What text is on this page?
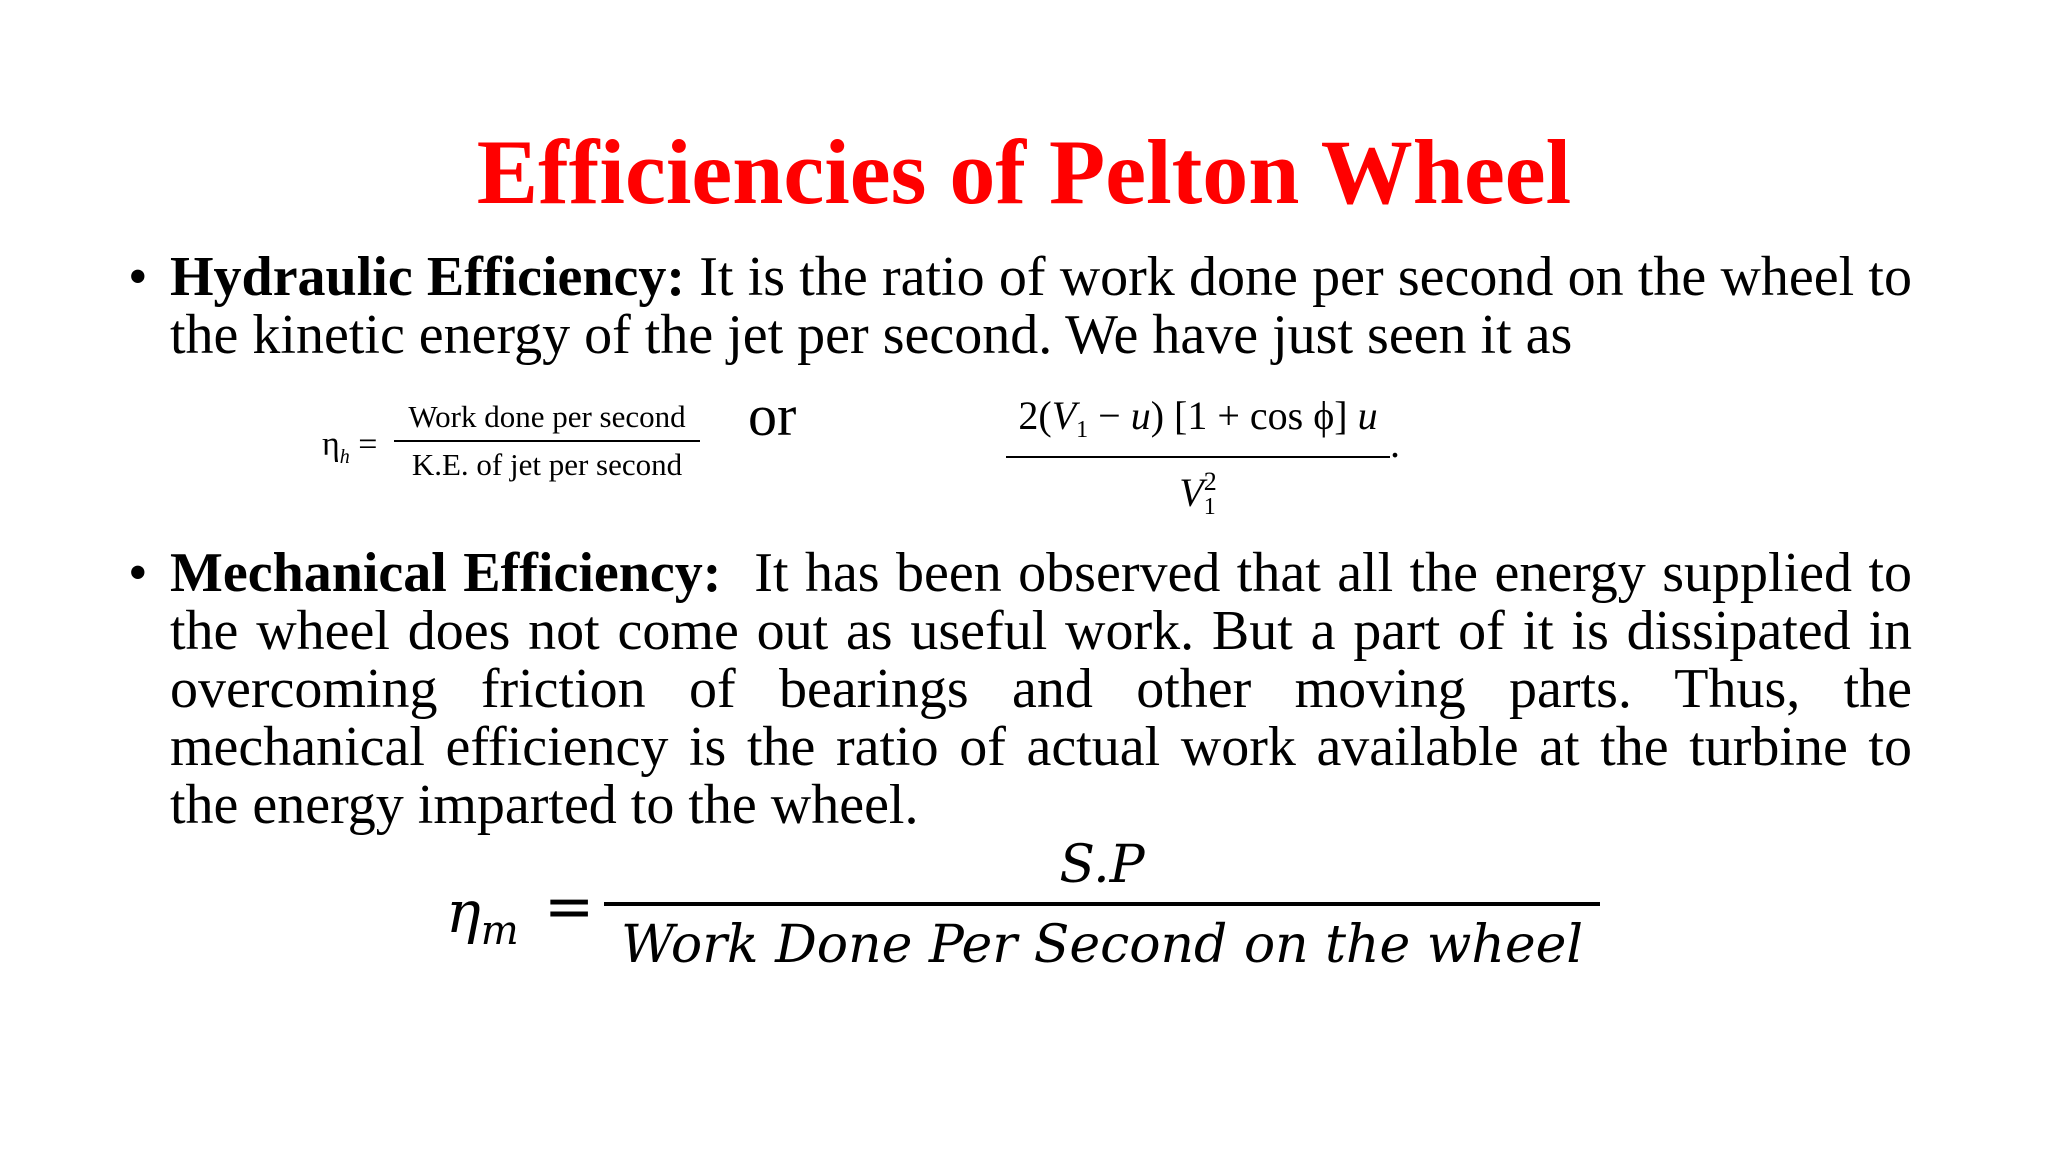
Efficiencies of Pelton Wheel
• Hydraulic Efficiency: It is the ratio of work done per second on the wheel to the kinetic energy of the jet per second. We have just seen it as
$\eta_h$ =
Work done per second
K.E. of jet per second
or	$2(V_1 - u) [1 + \cos \phi]$ u
$V_1^2$
.
• Mechanical Efficiency:  It has been observed that all the energy supplied to the wheel does not come out as useful work. But a part of it is dissipated in overcoming friction of bearings and other moving parts. Thus, the mechanical efficiency is the ratio of actual work available at the turbine to the energy imparted to the wheel.
$\eta_m$ =
S.P
Work Done Per Second on the wheel
